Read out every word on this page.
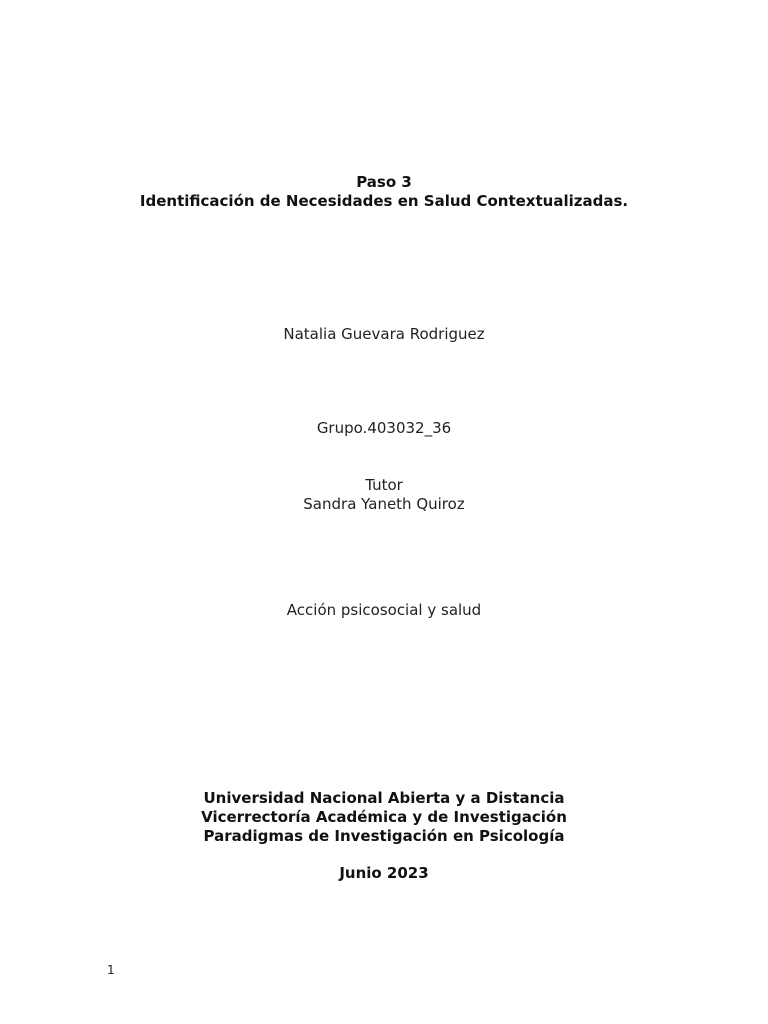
Paso 3
Identificación de Necesidades en Salud Contextualizadas.
Natalia Guevara Rodriguez
Grupo.403032_36
Tutor
Sandra Yaneth Quiroz
Acción psicosocial y salud
Universidad Nacional Abierta y a Distancia
Vicerrectoría Académica y de Investigación
Paradigmas de Investigación en Psicología
Junio 2023
1
